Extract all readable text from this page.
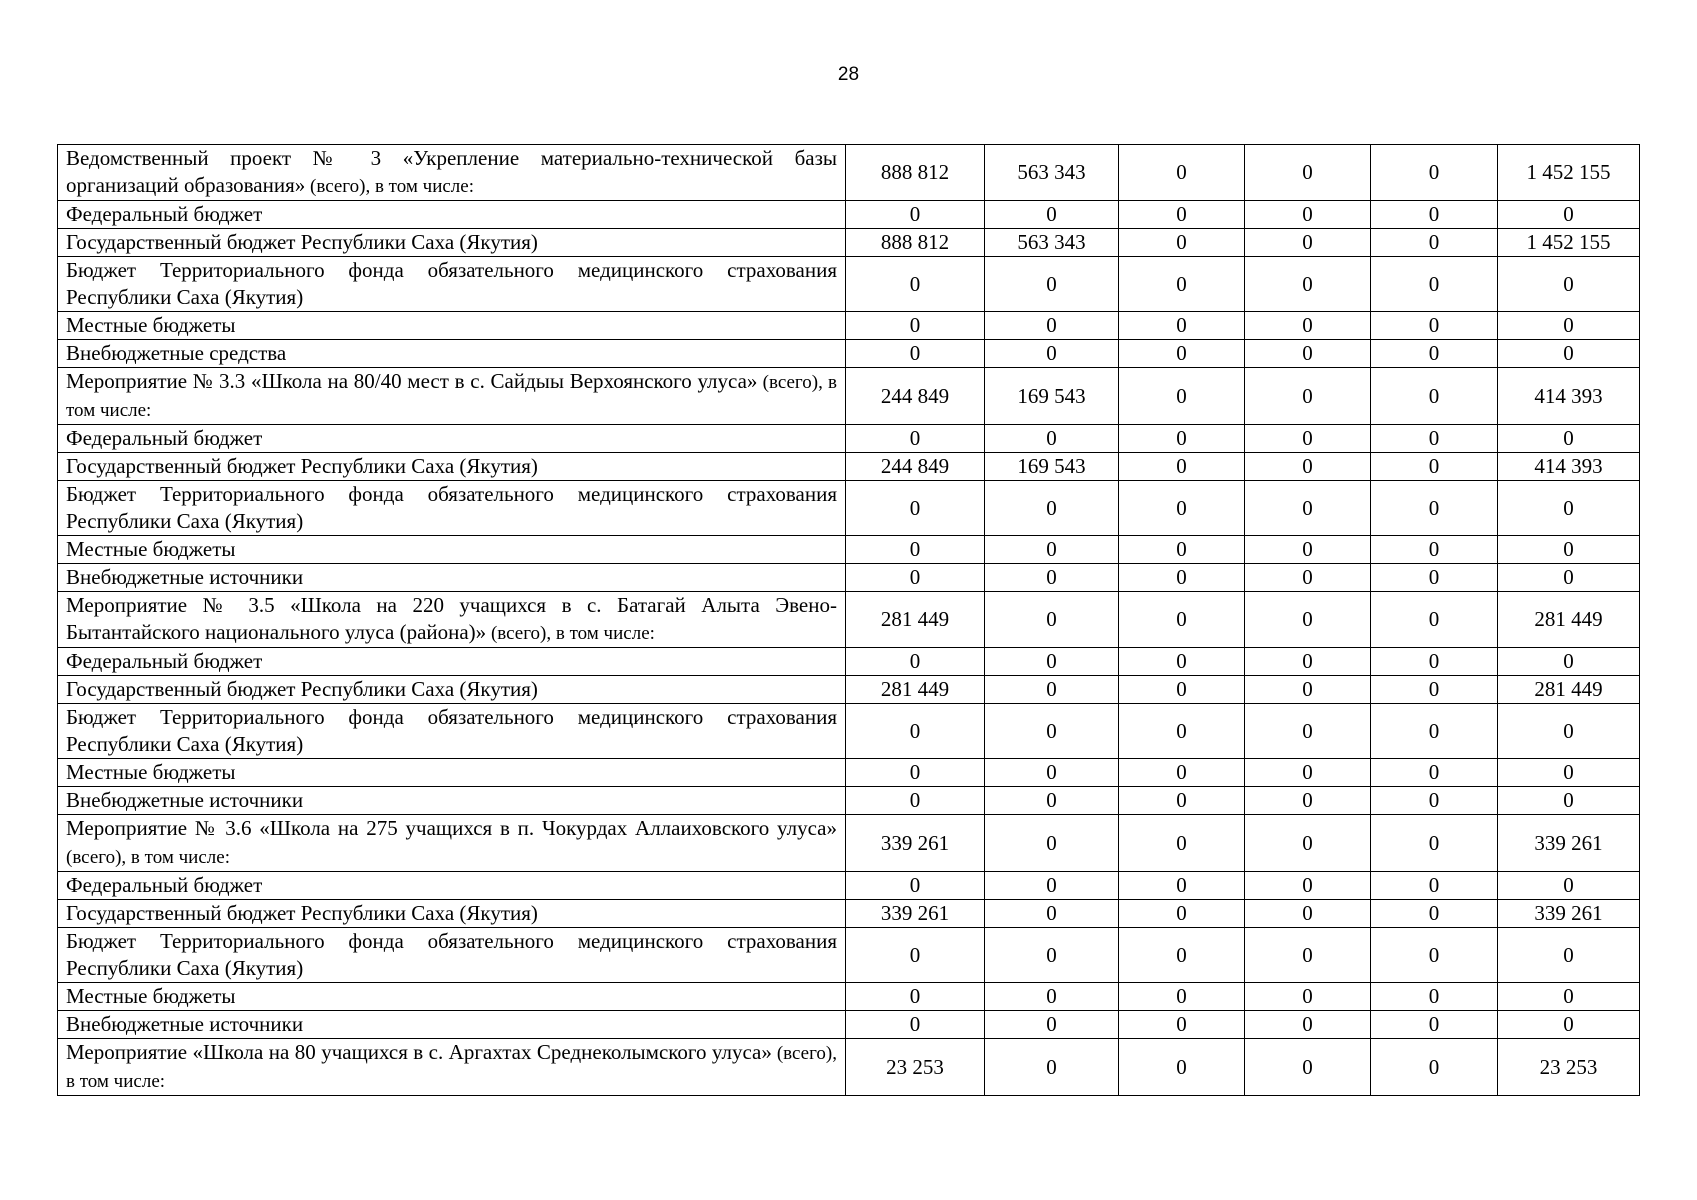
28
Ведомственный проект № 3 «Укрепление материально-технической базы организаций образования» (всего), в том числе:	888 812	563 343	0	0	0	1 452 155
Федеральный бюджет	0	0	0	0	0	0
Государственный бюджет Республики Саха (Якутия)	888 812	563 343	0	0	0	1 452 155
Бюджет Территориального фонда обязательного медицинского страхования Республики Саха (Якутия)	0	0	0	0	0	0
Местные бюджеты	0	0	0	0	0	0
Внебюджетные средства	0	0	0	0	0	0
Мероприятие № 3.3 «Школа на 80/40 мест в с. Сайдыы Верхоянского улуса» (всего), в том числе:	244 849	169 543	0	0	0	414 393
Федеральный бюджет	0	0	0	0	0	0
Государственный бюджет Республики Саха (Якутия)	244 849	169 543	0	0	0	414 393
Бюджет Территориального фонда обязательного медицинского страхования Республики Саха (Якутия)	0	0	0	0	0	0
Местные бюджеты	0	0	0	0	0	0
Внебюджетные источники	0	0	0	0	0	0
Мероприятие № 3.5 «Школа на 220 учащихся в с. Батагай Алыта Эвено-Бытантайского национального улуса (района)» (всего), в том числе:	281 449	0	0	0	0	281 449
Федеральный бюджет	0	0	0	0	0	0
Государственный бюджет Республики Саха (Якутия)	281 449	0	0	0	0	281 449
Бюджет Территориального фонда обязательного медицинского страхования Республики Саха (Якутия)	0	0	0	0	0	0
Местные бюджеты	0	0	0	0	0	0
Внебюджетные источники	0	0	0	0	0	0
Мероприятие № 3.6 «Школа на 275 учащихся в п. Чокурдах Аллаиховского улуса» (всего), в том числе:	339 261	0	0	0	0	339 261
Федеральный бюджет	0	0	0	0	0	0
Государственный бюджет Республики Саха (Якутия)	339 261	0	0	0	0	339 261
Бюджет Территориального фонда обязательного медицинского страхования Республики Саха (Якутия)	0	0	0	0	0	0
Местные бюджеты	0	0	0	0	0	0
Внебюджетные источники	0	0	0	0	0	0
Мероприятие «Школа на 80 учащихся в с. Аргахтах Среднеколымского улуса» (всего), в том числе:	23 253	0	0	0	0	23 253
